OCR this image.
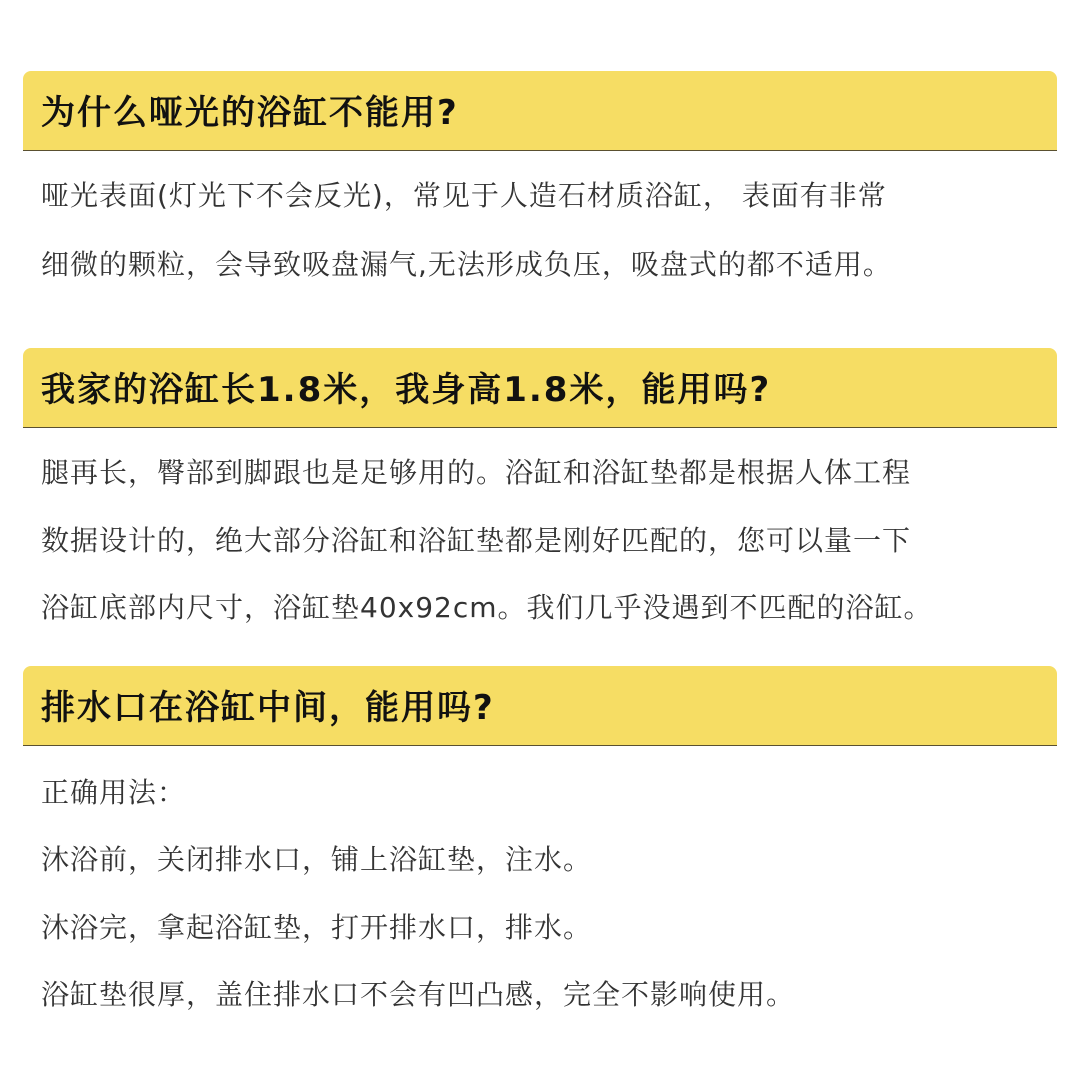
为什么哑光的浴缸不能用?
哑光表面(灯光下不会反光)，常见于人造石材质浴缸， 表面有非常
细微的颗粒，会导致吸盘漏气,无法形成负压，吸盘式的都不适用。
我家的浴缸长1.8米，我身高1.8米，能用吗?
腿再长，臀部到脚跟也是足够用的。浴缸和浴缸垫都是根据人体工程
数据设计的，绝大部分浴缸和浴缸垫都是刚好匹配的，您可以量一下
浴缸底部内尺寸，浴缸垫40x92cm。我们几乎没遇到不匹配的浴缸。
排水口在浴缸中间，能用吗?
正确用法：
沐浴前，关闭排水口，铺上浴缸垫，注水。
沐浴完，拿起浴缸垫，打开排水口，排水。
浴缸垫很厚，盖住排水口不会有凹凸感，完全不影响使用。
